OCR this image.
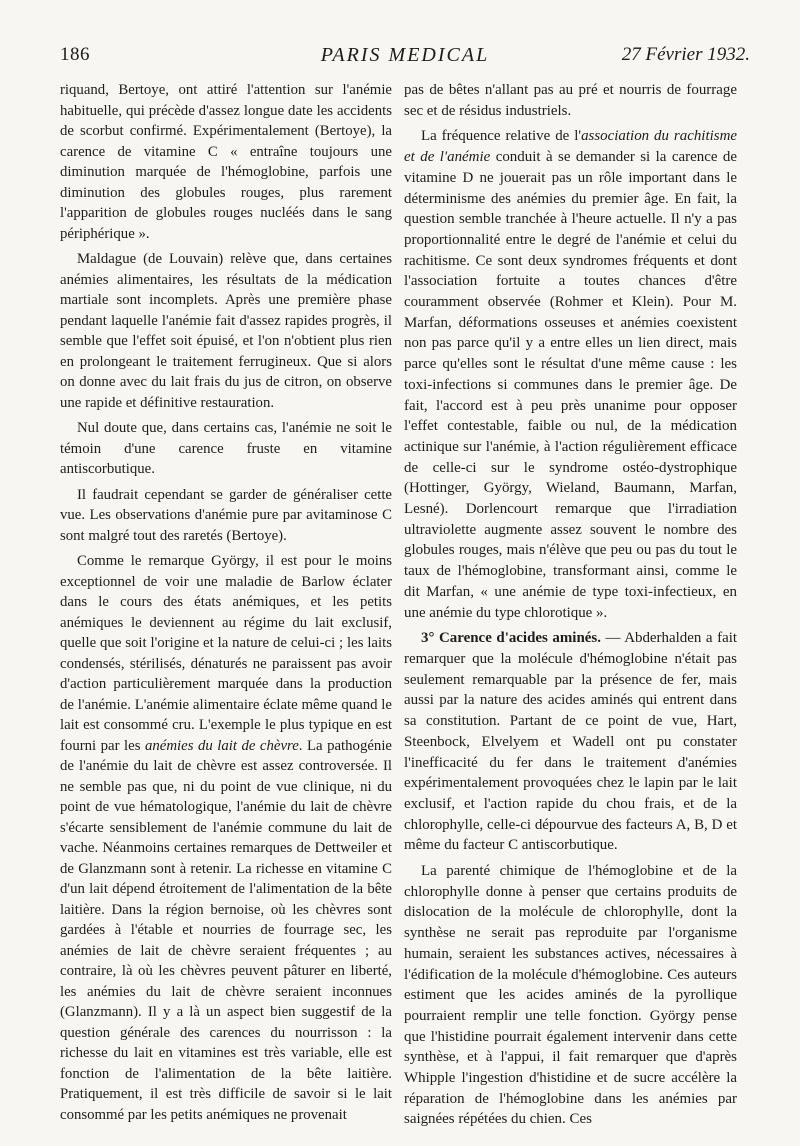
186	PARIS MEDICAL	27 Février 1932.

riquand, Bertoye, ont attiré l'attention sur l'anémie habituelle, qui précède d'assez longue date les accidents de scorbut confirmé. Expérimentalement (Bertoye), la carence de vitamine C « entraîne toujours une diminution marquée de l'hémoglobine, parfois une diminution des globules rouges, plus rarement l'apparition de globules rouges nucléés dans le sang périphérique ».

Maldague (de Louvain) relève que, dans certaines anémies alimentaires, les résultats de la médication martiale sont incomplets. Après une première phase pendant laquelle l'anémie fait d'assez rapides progrès, il semble que l'effet soit épuisé, et l'on n'obtient plus rien en prolongeant le traitement ferrugineux. Que si alors on donne avec du lait frais du jus de citron, on observe une rapide et définitive restauration.

Nul doute que, dans certains cas, l'anémie ne soit le témoin d'une carence fruste en vitamine antiscorbutique.

Il faudrait cependant se garder de généraliser cette vue. Les observations d'anémie pure par avitaminose C sont malgré tout des raretés (Bertoye).

Comme le remarque György, il est pour le moins exceptionnel de voir une maladie de Barlow éclater dans le cours des états anémiques, et les petits anémiques le deviennent au régime du lait exclusif, quelle que soit l'origine et la nature de celui-ci ; les laits condensés, stérilisés, dénaturés ne paraissent pas avoir d'action particulièrement marquée dans la production de l'anémie. L'anémie alimentaire éclate même quand le lait est consommé cru. L'exemple le plus typique en est fourni par les anémies du lait de chèvre. La pathogénie de l'anémie du lait de chèvre est assez controversée. Il ne semble pas que, ni du point de vue clinique, ni du point de vue hématologique, l'anémie du lait de chèvre s'écarte sensiblement de l'anémie commune du lait de vache. Néanmoins certaines remarques de Dettweiler et de Glanzmann sont à retenir. La richesse en vitamine C d'un lait dépend étroitement de l'alimentation de la bête laitière. Dans la région bernoise, où les chèvres sont gardées à l'étable et nourries de fourrage sec, les anémies de lait de chèvre seraient fréquentes ; au contraire, là où les chèvres peuvent pâturer en liberté, les anémies du lait de chèvre seraient inconnues (Glanzmann). Il y a là un aspect bien suggestif de la question générale des carences du nourrisson : la richesse du lait en vitamines est très variable, elle est fonction de l'alimentation de la bête laitière. Pratiquement, il est très difficile de savoir si le lait consommé par les petits anémiques ne provenait

pas de bêtes n'allant pas au pré et nourris de fourrage sec et de résidus industriels.

La fréquence relative de l'association du rachitisme et de l'anémie conduit à se demander si la carence de vitamine D ne jouerait pas un rôle important dans le déterminisme des anémies du premier âge. En fait, la question semble tranchée à l'heure actuelle. Il n'y a pas proportionnalité entre le degré de l'anémie et celui du rachitisme. Ce sont deux syndromes fréquents et dont l'association fortuite a toutes chances d'être couramment observée (Rohmer et Klein). Pour M. Marfan, déformations osseuses et anémies coexistent non pas parce qu'il y a entre elles un lien direct, mais parce qu'elles sont le résultat d'une même cause : les toxi-infections si communes dans le premier âge. De fait, l'accord est à peu près unanime pour opposer l'effet contestable, faible ou nul, de la médication actinique sur l'anémie, à l'action régulièrement efficace de celle-ci sur le syndrome ostéo-dystrophique (Hottinger, György, Wieland, Baumann, Marfan, Lesné). Dorlencourt remarque que l'irradiation ultraviolette augmente assez souvent le nombre des globules rouges, mais n'élève que peu ou pas du tout le taux de l'hémoglobine, transformant ainsi, comme le dit Marfan, « une anémie de type toxi-infectieux, en une anémie du type chlorotique ».

3° Carence d'acides aminés. — Abderhalden a fait remarquer que la molécule d'hémoglobine n'était pas seulement remarquable par la présence de fer, mais aussi par la nature des acides aminés qui entrent dans sa constitution. Partant de ce point de vue, Hart, Steenbock, Elvelyem et Wadell ont pu constater l'inefficacité du fer dans le traitement d'anémies expérimentalement provoquées chez le lapin par le lait exclusif, et l'action rapide du chou frais, et de la chlorophylle, celle-ci dépourvue des facteurs A, B, D et même du facteur C antiscorbutique.

La parenté chimique de l'hémoglobine et de la chlorophylle donne à penser que certains produits de dislocation de la molécule de chlorophylle, dont la synthèse ne serait pas reproduite par l'organisme humain, seraient les substances actives, nécessaires à l'édification de la molécule d'hémoglobine. Ces auteurs estiment que les acides aminés de la pyrollique pourraient remplir une telle fonction. György pense que l'histidine pourrait également intervenir dans cette synthèse, et à l'appui, il fait remarquer que d'après Whipple l'ingestion d'histidine et de sucre accélère la réparation de l'hémoglobine dans les anémies par saignées répétées du chien. Ces
